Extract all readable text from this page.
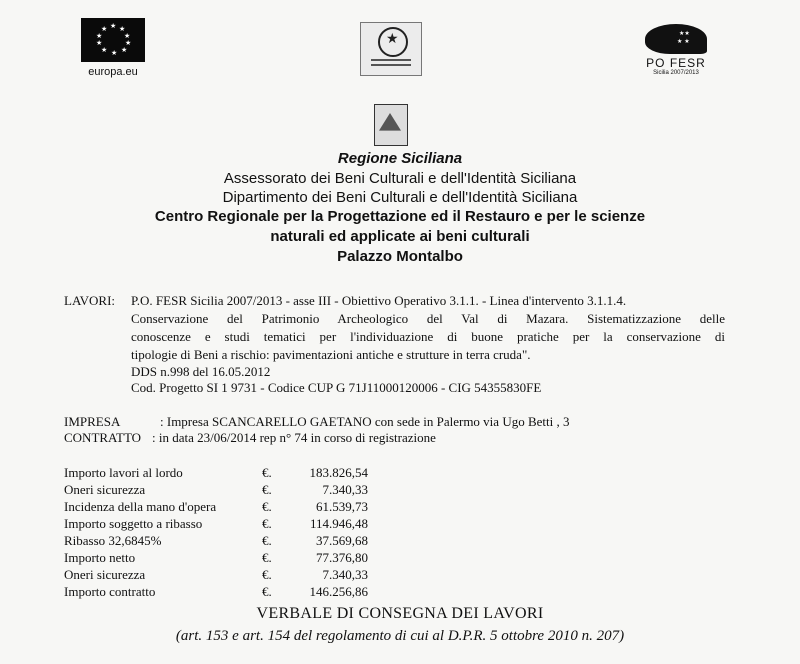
★ ★
★
★
★
★
★
★
★
★
europa.eu
★
★★
★ ★
PO FESR
Sicilia 2007/2013
Regione Siciliana
Assessorato dei Beni Culturali e dell'Identità Siciliana
Dipartimento dei Beni Culturali e dell'Identità Siciliana
Centro Regionale per la Progettazione ed il Restauro e per le scienze
naturali ed applicate ai beni culturali
Palazzo Montalbo
LAVORI: P.O. FESR Sicilia 2007/2013 - asse III - Obiettivo Operativo 3.1.1. - Linea d'intervento 3.1.1.4.
Conservazione del Patrimonio Archeologico del Val di Mazara. Sistematizzazione delle
conoscenze e studi tematici per l'individuazione di buone pratiche per la conservazione di
tipologie di Beni a rischio: pavimentazioni antiche e strutture in terra cruda".
DDS n.998 del 16.05.2012
Cod. Progetto SI 1 9731 - Codice CUP G 71J11000120006 - CIG 54355830FE
IMPRESA	: Impresa SCANCARELLO GAETANO con sede in Palermo via Ugo Betti , 3
CONTRATTO : in data 23/06/2014 rep n° 74 in corso di registrazione
Importo lavori al lordo	€.	183.826,54
Oneri sicurezza	€.	7.340,33
Incidenza della mano d'opera	€.	61.539,73
Importo soggetto a ribasso	€.	114.946,48
Ribasso 32,6845%	€.	37.569,68
Importo netto	€.	77.376,80
Oneri sicurezza	€.	7.340,33
Importo contratto	€.	146.256,86
VERBALE DI CONSEGNA DEI LAVORI
(art. 153 e art. 154 del regolamento di cui al D.P.R. 5 ottobre 2010 n. 207)
